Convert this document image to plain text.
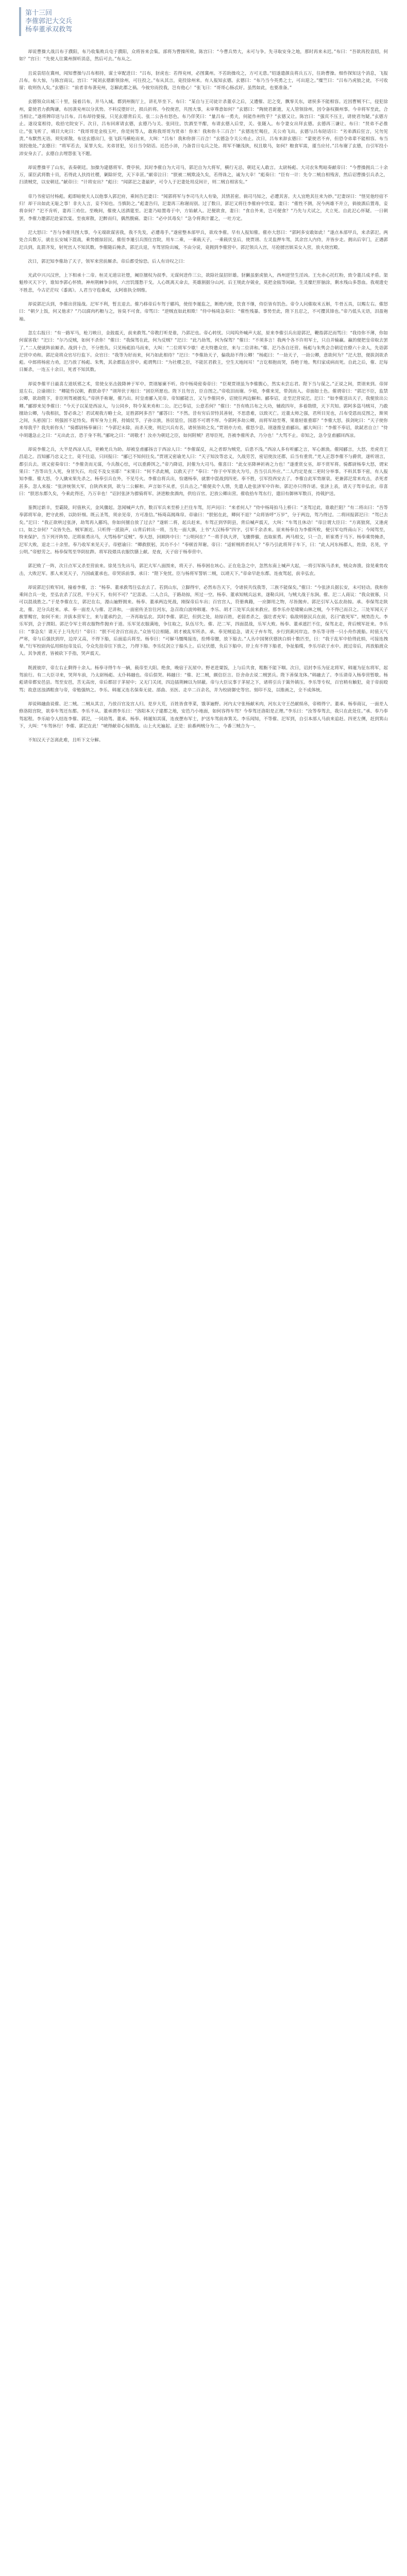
第十三回
李傕郭汜大交兵
杨奉董承双救驾

却说曹操大战吕布于濮阳，布乃收集败兵屯于濮阳，众将皆来会集。部将为曹操所败。陈宫曰：“今曹兵势大，未可与争。先寻取安身之地，那时再来未迟。”布曰：“吾欲再投袁绍，何如？”宫曰：“先使人往冀州探听消息，然后可去。”布从之。

且说袁绍在冀州，闻知曹操与吕布相持，谋士审配进曰：“吕布，豺虎也：若得兖州，必图冀州。不若助操攻之，方可无患。”绍遂遣颜良将兵五万，往助曹操。细作探知这个消息，飞报吕布。布大惊，与陈宫商议。宫曰：“闻刘玄德新领徐州，可往投之。”布从其言，竟投徐州来。有人报知玄德。玄德曰：“布乃当今英勇之士，可出迎之。”糜竺曰：“吕布乃虎狼之徒，不可收留；收则伤人矣。”玄德曰：“前者非布袭兖州，怎解此郡之祸。今彼穷而投我，岂有他心！”张飞曰：“哥哥心肠忒好。虽然如此，也要准备。”

玄德领众出城三十里，接着吕布，并马入城。都到州衙厅上，讲礼毕坐下。布曰：“某自与王司徒计杀董卓之后，又遭傕、汜之变，飘零关东，诸侯多不能相容。近因曹贼不仁，侵犯徐州，蒙使君力救陶谦，布因袭兖州以分其势。不料反堕奸计，损兵折将。今投使君，共图大事，未审尊意如何？”玄德曰：“陶使君新逝，无人管领徐州，因令备权摄州事。今幸将军至此，合当相让。”遂将牌印送与吕布。吕布却待要接，只见玄德背后关、张二公各有怒色。布乃佯笑曰：“量吕布一勇夫，何能作州牧乎？”玄德又让。陈宫曰：“强宾不压主，请使君勿疑。”玄德方止。遂设宴相待，收拾宅院安下。次日，吕布回席请玄德，玄德乃与关、张同往。饮酒至半酣，布请玄德入后堂，关、张随入。布令妻女出拜玄德。玄德再三谦让。布曰：“贤弟不必推让。”张飞听了，嗔目大叱曰：“我哥哥是金枝玉叶，你是何等人，敢称我哥哥为贤弟！你来！我和你斗三百合！”玄德连忙喝住，关公劝飞出。玄德与吕布陪话曰：“劣弟酒后狂言，兄勿见责。”布默然无语。须臾席散。布送玄德出门，张飞跃马横枪而来，大叫：“吕布！我和你拼三百合！”玄德急令关公劝止。次日，吕布来辞玄德曰：“蒙使君不弃，但恐令弟辈不能相容。布当别投他处。”玄德曰：“将军若去，某罪大矣。劣弟冒犯，另日当令陪话。近邑小沛，乃备昔日屯兵之处。将军不嫌浅狭，权且歇马，如何？粮食军需，谨当应付。”吕布谢了玄德，自引军投小沛安身去了。玄德自去埋怨张飞不题。

却说曹操平了山东，表奏朝廷。加操为建德将军、费亭侯。其时李傕自为大司马，郭汜自为大将军，横行无忌，朝廷无人敢言。太尉杨彪、大司农朱隽暗奏献帝曰：“今曹操拥兵二十余万，谋臣武将数十员，若得此人扶持社稷，剿除奸党，天下幸甚。”献帝泣曰：“朕被二贼欺凌久矣，若得诛之，诚为大幸！”彪奏曰：“臣有一计：先令二贼自相残害，然后诏曹操引兵杀之，扫清贼党，以安朝廷。”献帝曰：“计将安出？”彪曰：“闻郭汜之妻最妒，可令人于汜妻处用反间计，则二贼自相害矣。”

帝乃书密诏付杨彪。彪即暗使夫人以他事入郭汜府，乘间告汜妻曰：“闻郭将军与李司马夫人有染，其情甚密。倘司马知之，必遭其害。夫人宜绝其往来为妙。”汜妻讶曰：“怪见他经宿不归！却干出如此无耻之事！非夫人言，妾不知也。当慎防之。”彪妻告归，汜妻再三称谢而别。过了数日，郭汜又将往李傕府中饮宴。妻曰：“傕性不测，况今两雄不并立，倘彼酒后置毒，妾将奈何？”汜不肯听，妻再三劝住。至晚间，傕使人送酒筵至。汜妻乃暗置毒于中，方始献入。汜便欲食，妻曰：“食自外来，岂可便食？”乃先与犬试之，犬立死。自此汜心怀疑。一日朝罢，李傕力邀郭汜赴家饮宴。至夜席散，汜醉而归，偶然腹痛。妻曰：“必中其毒矣！”急令将粪汁灌之，一吐方定。

汜大怒曰：“吾与李傕共图大事，今无端欲谋害我，我不先发，必遭毒手。”遂密整本部甲兵，欲攻李傕。早有人报知傕。傕亦大怒曰：“郭阿多安敢如此！”遂点本部甲兵，来杀郭汜。两处合兵数万，就在长安城下混战，乘势掳掠居民。傕侄李暹引兵围住宫院，用车二乘，一乘载天子，一乘载伏皇后，使贾诩、左灵监押车驾，其余宫人内侍，并皆步走。拥出后宰门，正遇郭汜兵到，乱箭齐发，射死宫人不知其数。李傕随后掩杀，郭汜兵退，车驾冒险出城，不由分说，竟拥到李傕营中。郭汜领兵入宫，尽抢掳宫嫔采女入营，放火烧宫殿。

次日，郭汜知李傕劫了天子，领军来营前厮杀。帝后都受惊恐。后人有诗叹之曰：

光武中兴兴汉世，上下相承十二帝。桓灵无道宗社堕，阉臣擅权为叔季。无谋何进作三公，欲除社鼠招奸雄。豺獭虽驱虎狼入，西州逆竖生淫凶。王允赤心托红粉，致令董吕成矛盾。渠魁殄灭天下宁，谁知李郭心怀愤。神州荆棘争奈何，六宫饥馑愁干戈。人心既离天命去，英雄割据分山河。后王规此存兢业，莫把金瓯等闲缺。生灵糜烂肝脑涂，剩水残山多怨血。我观遗史不胜悲，今古茫茫叹《黍离》。人君当守苞桑戒，太阿谁执全纲维。

却说郭汜兵到，李傕出营接战。汜军不利，暂且退去。傕乃移帝后车驾于郿坞，使侄李暹监之，断绝内使，饮食不继，侍臣皆有饥色。帝令人问傕取米五斛，牛骨五具，以赐左右。傕怒曰：“朝夕上饭，何又他求？”乃以腐肉朽粮与之，皆臭不可食。帝骂曰：“逆贼直如此相欺！”侍中杨琦急奏曰：“傕性残暴。事势至此，陛下且忍之，不可撄其锋也。”帝乃低头无语，泪盈袍袖。

忽左右报曰：“有一路军马，枪刀映日，金鼓震天，前来救驾。”帝教打听是谁，乃郭汜也。帝心转忧。只闻坞外喊声大起，原来李傕引兵出迎郭汜，鞭指郭汜而骂曰：“我待你不薄，你如何谋害我！”汜曰：“尔乃反贼，如何不杀你！”傕曰：“我保驾在此，何为反贼？”汜曰：“此乃劫驾，何为保驾？”傕曰：“不须多言！我两个各不许用军士，只自并输赢。赢的便把皇帝取去罢了。”二人便就阵前厮杀。战到十合，不分胜负。只见杨彪拍马而来，大叫：“二位将军少歇！老夫特邀众官，来与二位讲和。”傕、汜乃各自还营。杨彪与朱隽会合朝廷官僚六十余人，先诣郭汜营中劝和。郭汜竟将众官尽行监下。众官曰：“我等为好而来，何乃如此相待？”汜曰：“李傕劫天子，偏我劫不得公卿！”杨彪曰：“一劫天子，一劫公卿，意欲何为？”汜大怒，便拔剑欲杀彪。中郎将杨密力劝，汜乃放了杨彪、朱隽，其余都监在营中。彪谓隽曰：“为社稷之臣，不能匡君救主，空生天地间耳！”言讫相抱而哭，昏绝于地。隽归家成病而死。自此之后，傕、汜每日厮杀，一连五十余日，死者不知其数。

却说李傕平日最喜左道妖邪之术，常使女巫击鼓降神于军中。贾诩屡谏不听。侍中杨琦密奏帝曰：“臣观贾诩虽为李傕腹心，然实未尝忘君。陛下当与谋之。”正说之间，贾诩来到。帝屏退左右，泣谕诩曰：“卿能怜汉朝，救朕命乎？”诩拜伏于地曰：“固臣所愿也。陛下且勿言，臣自图之。”帝收泪而谢。少顷，李傕来见，带剑而入。帝面如土色。傕谓帝曰：“郭汜不臣，监禁公卿，欲劫陛下，非臣则驾被掳矣。”帝拱手称谢，傕乃出。时皇甫郦入见帝。帝知郦能言，又与李傕同乡，诏使往两边解和。郦奉诏，走至汜营说汜。汜曰：“如李傕送出天子，我便放出公卿。”郦即来见李傕曰：“今天子以某是西凉人，与公同乡，特令某来劝和二公。汜已奉诏，公意若何？”傕曰：“吾有败吕布之大功，辅政四年，多着勋绩，天下共知。郭阿多盗马贼耳，乃敢擅劫公卿，与我相抗，誓必诛之！君试观我方略士众，足胜郭阿多否？”郦答曰：“不然。昔有穷后羿恃其善射，不思患难，以致灭亡。近董太师之强，君所目见也，吕布受恩而反图之，斯须之间，头悬国门：则强固不足恃矣。将军身为上将，持钺仗节，子孙宗族，皆居显位，国恩不可谓不厚。今郭阿多劫公卿，而将军劫至尊，果谁轻谁重耶？”李傕大怒，拔剑叱曰：“天子使你来辱我乎？我先斩你头！”骑都尉杨奉谏曰：“今郭汜未除，而杀天使，则汜兴兵有名，诸侯皆助之矣。”贾诩亦力劝，傕怒少息。诩遂推皇甫郦出。郦大叫曰：“李傕不奉诏，欲弑君自立！”侍中胡邈急止之曰：“无出此言，恐于身不利。”郦叱之曰：“胡敬才！汝亦为朝廷之臣，如何附贼？君辱臣死，吾被李傕所杀，乃分也！”大骂不止。帝知之，急令皇甫郦回西凉。

却说李傕之兵，大半是西凉人氏，更赖羌兵为助。却被皇甫郦扬言于西凉人曰：“李傕谋反，从之者即为贼党，后患不浅。”西凉人多有听郦之言，军心渐涣。傕闻郦言，大怒，差虎贲王昌追之。昌知郦乃忠义之士，竟不往追，只回报曰：“郦已不知何往矣。”贾诩又密谕羌人曰：“天子知汝等忠义，久战劳苦，密诏使汝还郡，后当有重赏。”羌人正怨李傕不与爵赏，遂听诩言，都引兵去。诩又密奏帝曰：“李傕贪而无谋，今兵散心怯，可以重爵饵之。”帝乃降诏，封傕为大司马。傕喜曰：“此女巫降神祈祷之力也！”遂重赏女巫，却不赏军将。骑都尉杨奉大怒，谓宋果曰：“吾等出生入死，身冒矢石，功反不及女巫耶！”宋果曰：“何不杀此贼，以救天子？”奉曰：“你于中军放火为号，吾当引兵外应。”二人约定是夜二更时分举事。不料其事不密，有人报知李傕。傕大怒，令人擒宋果先杀之。杨奉引兵在外，不见号火。李傕自将兵出，恰遇杨奉，就寨中混战到四更。奉不胜，引军投西安去了。李傕自此军势渐衰。更兼郭汜常来攻击，杀死者甚多。忽人来报：“张济统领大军，自陕西来到，欲与二公解和。声言如不从者，引兵击之。”傕便卖个人情，先遣人赴张济军中许和。郭汜亦只得许诺。张济上表，请天子驾幸弘农。帝喜曰：“朕思东都久矣，今乘此得还，乃万幸也！”诏封张济为骠骑将军。济进粮食酒肉，供给百官。汜放公卿出营。傕收拾车驾东行，遣旧有御林军数百，持戟护送。

銮舆过新丰，至霸陵，时值秋天，金风骤起。忽闻喊声大作，数百军兵来至桥上拦住车驾，厉声问曰：“来者何人？”侍中杨琦拍马上桥曰：“圣驾过此，谁敢拦阻？”有二将出曰：“吾等奉郭将军命，把守此桥，以防奸细。既云圣驾，须亲见帝，方可准信。”杨琦高揭珠帘。帝谕曰：“朕躬在此，卿何不退？”众将皆呼“万岁”，分于两边，驾乃得过。二将回报郭汜曰：“驾已去矣。”汜曰：“我正欲哄过张济，劫驾再入郿坞，你如何擅自放了过去？”遂斩二将，起兵赶来。车驾正到华阴县，背后喊声震天，大叫：“车驾且休动！”帝泣谓大臣曰：“方离狼窝，又逢虎口，如之奈何？”众皆失色。贼军渐近。只听得一派鼓声，山背后转出一将，当先一面大旗，上书“大汉杨奉”四字，引军千余杀来。原来杨奉自为李傕所败，便引军屯终南山下；今闻驾至，特来保护。当下列开阵势。汜将崔勇出马，大骂杨奉“反贼”。奉大怒，回顾阵中曰：“公明何在？”一将手执大斧，飞骤骅骝，直取崔勇。两马相交，只一合，斩崔勇于马下。杨奉乘势掩杀，汜军大败，退走二十余里。奉乃收军来见天子。帝慰谕曰：“卿救朕躬，其功不小！”奉顿首拜谢。帝曰：“适斩贼将者何人？”奉乃引此将拜于车下，曰：“此人河东杨郡人，姓徐，名晃，字公明。”帝慰劳之。杨奉保驾至华阴驻跸。将军段煨具衣服饮膳上献。是夜，天子宿于杨奉营中。

郭汜败了一阵，次日点军又杀至营前来。徐晃当先出马，郭汜大军八面围来，将天子、杨奉困在垓心。正在危急之中，忽然东南上喊声大起，一将引军纵马杀来，贼众奔溃。徐晃乘势攻击，大败汜军。那人来见天子，乃国戚董承也。帝哭诉前事。承曰：“陛下免忧。臣与杨将军誓斩二贼，以靖天下。”帝命早赴东都。连夜驾起，前幸弘农。

却说郭汜引败军回，撞着李傕，言：“杨奉、董承救驾往弘农去了。若到山东，立脚得牢，必然布告天下，令诸侯共伐我等，三族不能保矣。”傕曰：“今张济兵据长安，未可轻动。我和你乘间合兵一处，至弘农杀了汉君，平分天下，有何不可？”汜喜诺。二人合兵，于路劫掠，所过一空。杨奉、董承知贼兵远来，遂勒兵回，与贼大战于东涧。傕、汜二人商议：“我众彼寡，只可以混战胜之。”于是李傕在左，郭汜在右，漫山遍野拥来。杨奉、董承两边死战，刚保帝后车出；百官宫人，符册典籍，一应御用之物，尽皆抛弃。郭汜引军入弘农劫掠。承、奉保驾走陕北，傕、汜分兵赶来。承、奉一面差人与傕、汜讲和，一面密传圣旨往河东，急召故白波帅韩暹、李乐、胡才三处军兵前来救应。那李乐亦是啸聚山林之贼，今不得已而召之。三处军闻天子赦罪赐官，如何不来；并拔本营军士，来与董承约会，一齐再取弘农。其时李傕、郭汜，但到之处，劫掠百姓，老弱者杀之，强壮者充军；临敌则驱民兵在前，名曰“敢死军”。贼势浩大。李乐军到，会于渭阳。郭汜令军士将衣服物件抛弃于道。乐军见衣服满地，争往取之，队伍尽失。傕、汜二军，四面混战，乐军大败。杨奉、董承遮拦不住，保驾北走，背后贼军赶来。李乐曰：“事急矣！请天子上马先行！”帝曰：“朕不可舍百官而去。”众皆号泣相随。胡才被乱军所杀。承、奉见贼追急，请天子弃车驾，步行到黄河岸边。李乐等寻得一只小舟作渡船。时值天气严寒，帝与后强扶到岸，边岸又高，不得下船，后面追兵将至。杨奉曰：“可解马缰绳接连，拴缚帝腰，放下船去。”人丛中国舅伏德挟白绢十数匹至，曰：“我于乱军中拾得此绢，可接连拽辇。”行军校尉尚弘用绢包帝及后，令众先挂帝往下放之，乃得下船。李乐仗剑立于船头上。后兄伏德，负后下船中。岸上有不得下船者，争扯船缆，李乐尽砍于水中。渡过帝后，再放船渡众人。其争渡者，皆被砍下手指，哭声震天。

既渡彼岸，帝左右止剩得十余人。杨奉寻得牛车一辆，载帝至大阳。绝食，晚宿于瓦屋中。野老进粟饭，上与后共食，粗粝不能下咽。次日，诏封李乐为征北将军，韩暹为征东将军，起驾前行。有二大臣寻来，哭拜车前，乃太尉杨彪、太仆韩融也。帝后俱哭。韩融曰：“傕、汜二贼，颇信臣言。臣舍命去说二贼罢兵。陛下善保龙体。”韩融去了。李乐请帝入杨奉营暂歇。杨彪请帝都安邑县。驾至安邑，苦无高房，帝后都居于茅屋中；又无门关闭，四边插荆棘以为屏蔽。帝与大臣议事于茅屋之下，诸将引兵于篱外镇压。李乐等专权，百官稍有触犯，竟于帝前殴骂；故意送浊酒粗食与帝，帝勉强纳之。李乐、韩暹又连名保奏无徒、部曲、巫医、走卒二百余名，并为校尉御史等官。刻印不及，以锥画之，全不成体统。

却说韩融曲说傕、汜二贼。二贼从其言，乃放百官及宫人归。是岁大荒，百姓皆食枣菜，饿莩遍野。河内太守张杨献米肉，河东太守王邑献绢帛，帝稍得宁。董承、杨奉商议，一面差人修洛阳宫院，欲奉车驾还东都。李乐不从。董承谓李乐曰：“洛阳本天子建都之地，安邑乃小地面，如何容得车驾？今奉驾还洛阳是正理。”李乐曰：“汝等奉驾去，我只在此处住。”承、奉乃奉驾起程。李乐暗令人结连李傕、郭汜，一同劫驾。董承、杨奉、韩暹知其谋，连夜摆布军士，护送车驾前奔箕关。李乐闻知，不等傕、汜军到，自引本部人马前来追赶。四更左侧，赶到箕山下，大叫：“车驾休行！李傕、郭汜在此！”唬得献帝心惊胆战。山上火光遍起。正是：前番两贼分为二，今番三贼合为一。

不知汉天子怎离此难，且听下文分解。
